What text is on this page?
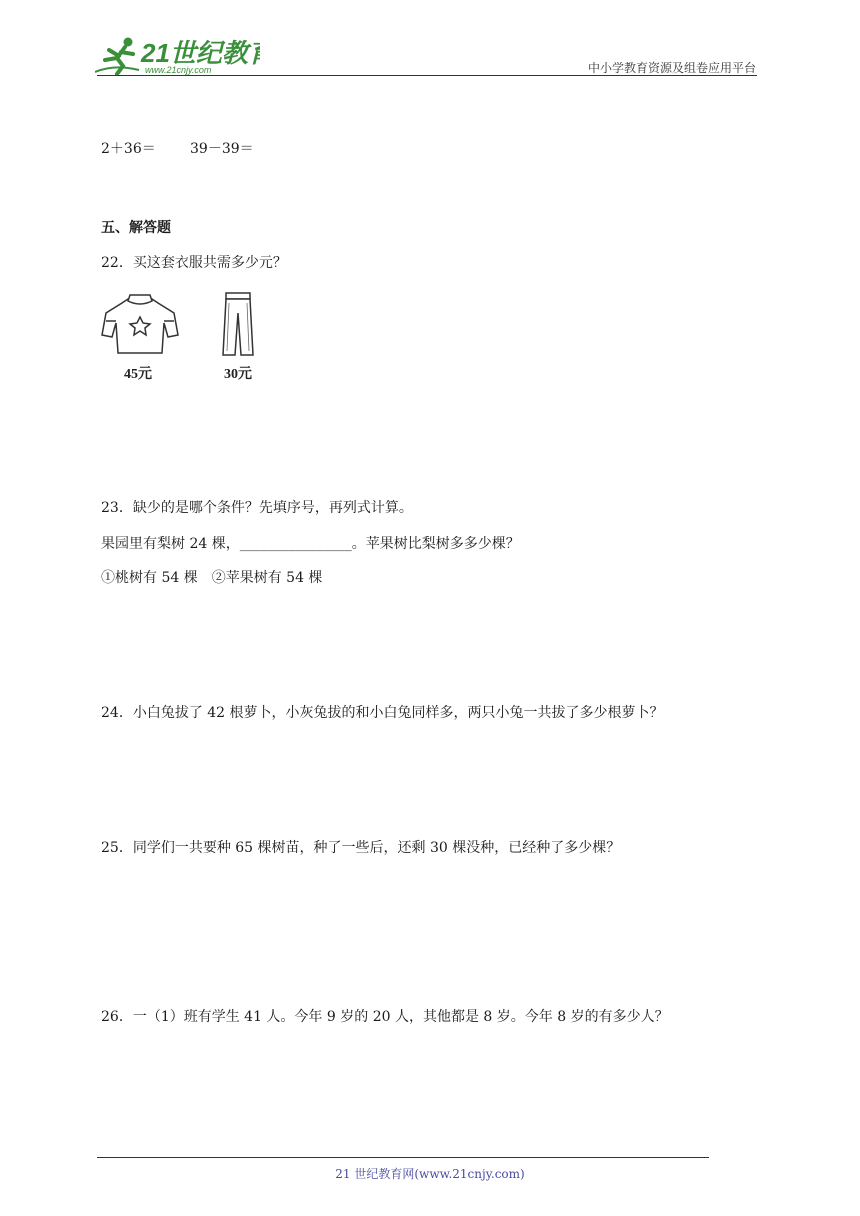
21世纪教
www.21cnjy.com	中小学教育资源及组卷应用平台
2＋36＝ 39－39＝
五、解答题
22．买这套衣服共需多少元？
45元	30元
23．缺少的是哪个条件？先填序号，再列式计算。
果园里有梨树 24 棵，________________。苹果树比梨树多多少棵？
①桃树有 54 棵　②苹果树有 54 棵
24．小白兔拔了 42 根萝卜，小灰兔拔的和小白兔同样多，两只小兔一共拔了多少根萝卜？
25．同学们一共要种 65 棵树苗，种了一些后，还剩 30 棵没种，已经种了多少棵？
26．一（1）班有学生 41 人。今年 9 岁的 20 人，其他都是 8 岁。今年 8 岁的有多少人？
21 世纪教育网(www.21cnjy.com)
